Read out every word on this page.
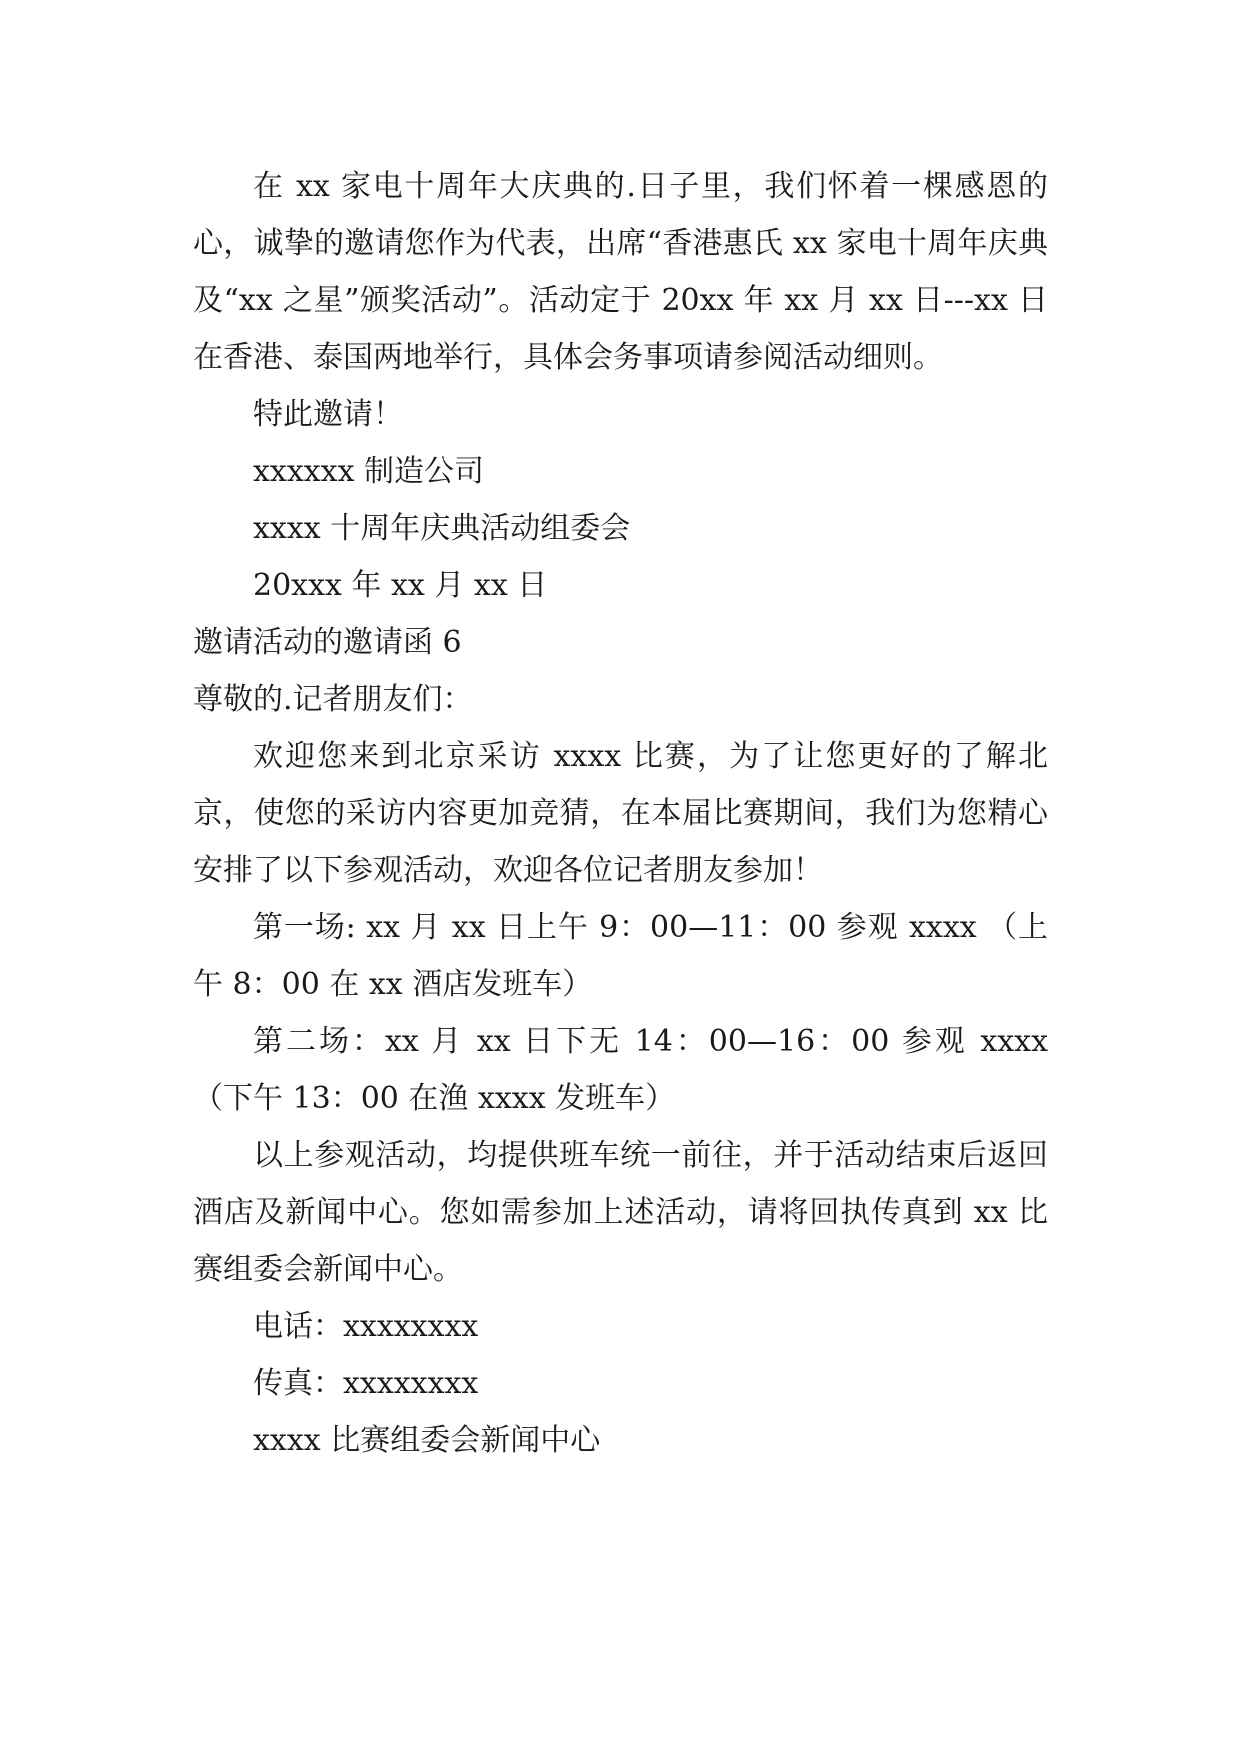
在 xx 家电十周年大庆典的.日子里，我们怀着一棵感恩的心，诚挚的邀请您作为代表，出席“香港惠氏 xx 家电十周年庆典及“xx 之星”颁奖活动”。活动定于 20xx 年 xx 月 xx 日---xx 日在香港、泰国两地举行，具体会务事项请参阅活动细则。

特此邀请！

xxxxxx 制造公司

xxxx 十周年庆典活动组委会

20xxx 年 xx 月 xx 日

邀请活动的邀请函 6

尊敬的.记者朋友们：

欢迎您来到北京采访 xxxx 比赛，为了让您更好的了解北京，使您的采访内容更加竞猜，在本届比赛期间，我们为您精心安排了以下参观活动，欢迎各位记者朋友参加！

第一场: xx 月 xx 日上午 9：00—11：00 参观 xxxx （上午 8：00 在 xx 酒店发班车）

第二场：xx 月 xx 日下无 14：00—16：00 参观 xxxx （下午 13：00 在渔 xxxx 发班车）

以上参观活动，均提供班车统一前往，并于活动结束后返回酒店及新闻中心。您如需参加上述活动，请将回执传真到 xx 比赛组委会新闻中心。

电话：xxxxxxxx

传真：xxxxxxxx

xxxx 比赛组委会新闻中心
